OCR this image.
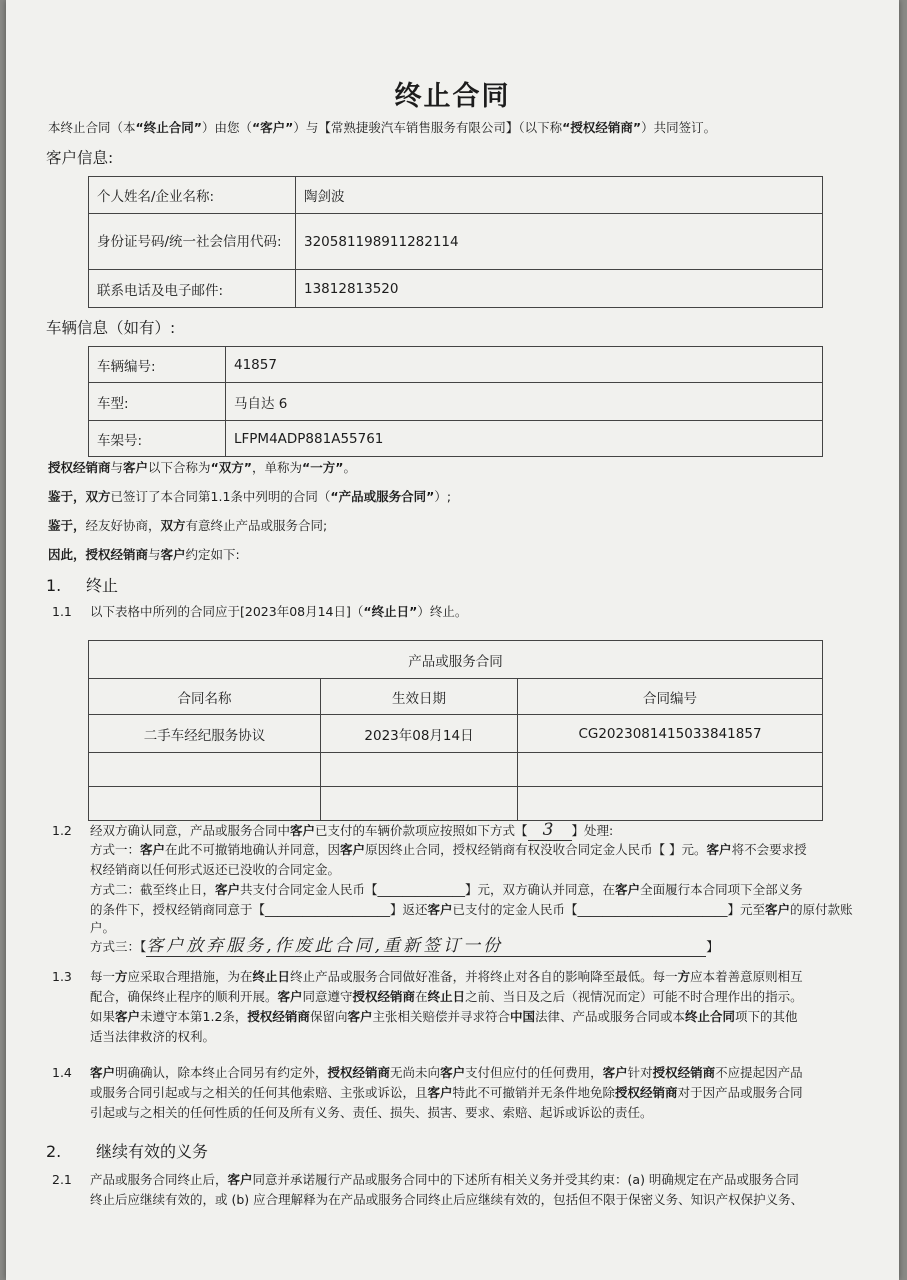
终止合同
本终止合同（本“终止合同”）由您（“客户”）与【常熟捷骏汽车销售服务有限公司】（以下称“授权经销商”）共同签订。
客户信息:
个人姓名/企业名称:	陶剑波
身份证号码/统一社会信用代码:	320581198911282114
联系电话及电子邮件:	13812813520
车辆信息（如有）:
车辆编号:	41857
车型:	马自达 6
车架号:	LFPM4ADP881A55761
授权经销商与客户以下合称为“双方”，单称为“一方”。
鉴于，双方已签订了本合同第1.1条中列明的合同（“产品或服务合同”）;
鉴于，经友好协商，双方有意终止产品或服务合同;
因此，授权经销商与客户约定如下:
1. 终止
1.1 以下表格中所列的合同应于[2023年08月14日]（“终止日”）终止。
产品或服务合同		
合同名称	生效日期	合同编号
二手车经纪服务协议	2023年08月14日	CG2023081415033841857

1.2 经双方确认同意，产品或服务合同中客户已支付的车辆价款项应按照如下方式【 3 】处理:
方式一：客户在此不可撤销地确认并同意，因客户原因终止合同，授权经销商有权没收合同定金人民币【 】元。客户将不会要求授
权经销商以任何形式返还已没收的合同定金。
方式二：截至终止日，客户共支付合同定金人民币【______________】元，双方确认并同意，在客户全面履行本合同项下全部义务
的条件下，授权经销商同意于【____________________】返还客户已支付的定金人民币【________________________】元至客户的原付款账
户。
方式三：【客户放弃服务,作废此合同,重新签订一份	】
1.3 每一方应采取合理措施，为在终止日终止产品或服务合同做好准备，并将终止对各自的影响降至最低。每一方应本着善意原则相互
配合，确保终止程序的顺利开展。客户同意遵守授权经销商在终止日之前、当日及之后（视情况而定）可能不时合理作出的指示。
如果客户未遵守本第1.2条，授权经销商保留向客户主张相关赔偿并寻求符合中国法律、产品或服务合同或本终止合同项下的其他
适当法律救济的权利。
1.4 客户明确确认，除本终止合同另有约定外，授权经销商无尚未向客户支付但应付的任何费用，客户针对授权经销商不应提起因产品
或服务合同引起或与之相关的任何其他索赔、主张或诉讼，且客户特此不可撤销并无条件地免除授权经销商对于因产品或服务合同
引起或与之相关的任何性质的任何及所有义务、责任、损失、损害、要求、索赔、起诉或诉讼的责任。
2. 继续有效的义务
2.1 产品或服务合同终止后，客户同意并承诺履行产品或服务合同中的下述所有相关义务并受其约束：(a) 明确规定在产品或服务合同
终止后应继续有效的，或 (b) 应合理解释为在产品或服务合同终止后应继续有效的，包括但不限于保密义务、知识产权保护义务、
